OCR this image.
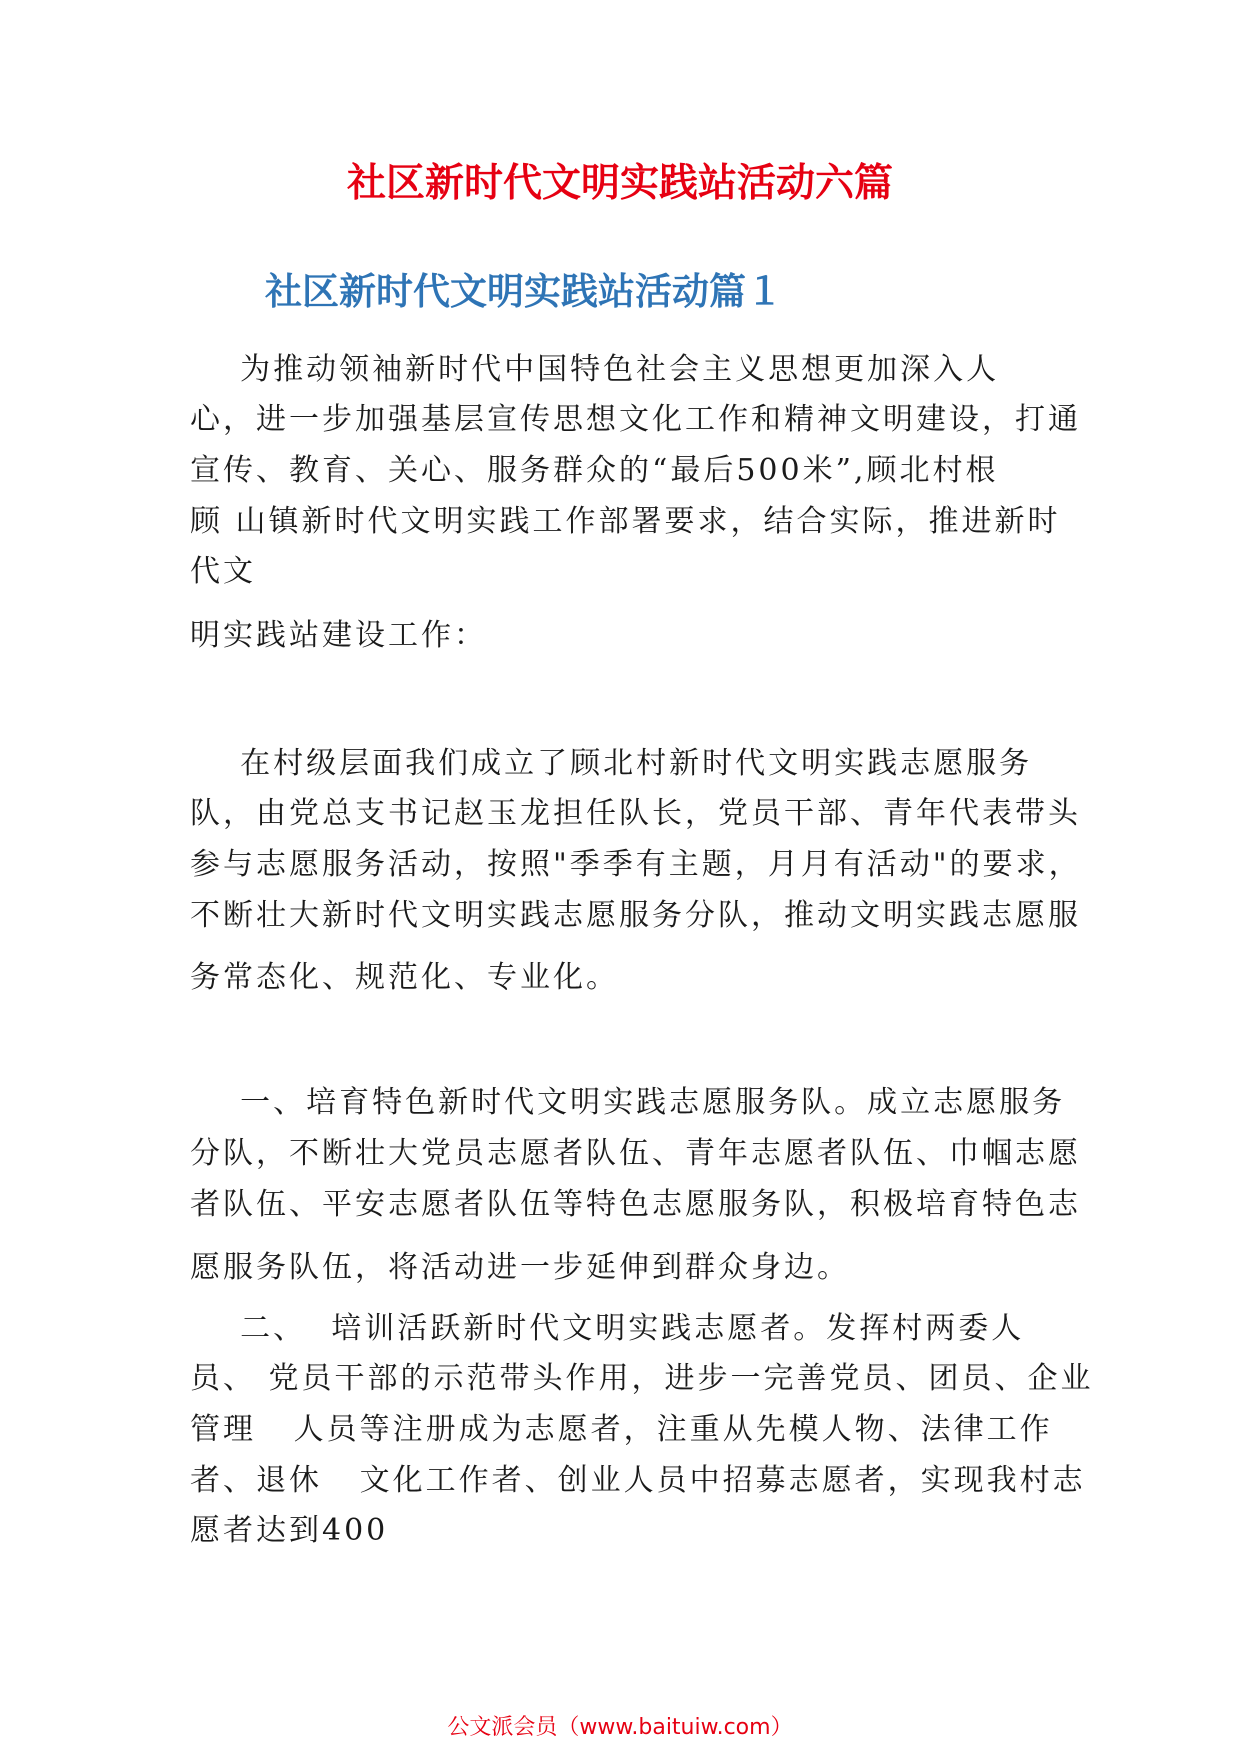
社区新时代文明实践站活动六篇
社区新时代文明实践站活动篇１
为推动领袖新时代中国特色社会主义思想更加深入人
心，进一步加强基层宣传思想文化工作和精神文明建设，打通
宣传、教育、关心、服务群众的“最后500米”,顾北村根
顾 山镇新时代文明实践工作部署要求，结合实际，推进新时
代文
明实践站建设工作：
在村级层面我们成立了顾北村新时代文明实践志愿服务
队，由党总支书记赵玉龙担任队长，党员干部、青年代表带头
参与志愿服务活动，按照"季季有主题，月月有活动"的要求，
不断壮大新时代文明实践志愿服务分队，推动文明实践志愿服
务常态化、规范化、专业化。
一、培育特色新时代文明实践志愿服务队。成立志愿服务
分队，不断壮大党员志愿者队伍、青年志愿者队伍、巾帼志愿
者队伍、平安志愿者队伍等特色志愿服务队，积极培育特色志
愿服务队伍，将活动进一步延伸到群众身边。
二、  培训活跃新时代文明实践志愿者。发挥村两委人
员、 党员干部的示范带头作用，进步一完善党员、团员、企业
管理   人员等注册成为志愿者，注重从先模人物、法律工作
者、退休   文化工作者、创业人员中招募志愿者，实现我村志
愿者达到400
公文派会员（www.baituiw.com）
